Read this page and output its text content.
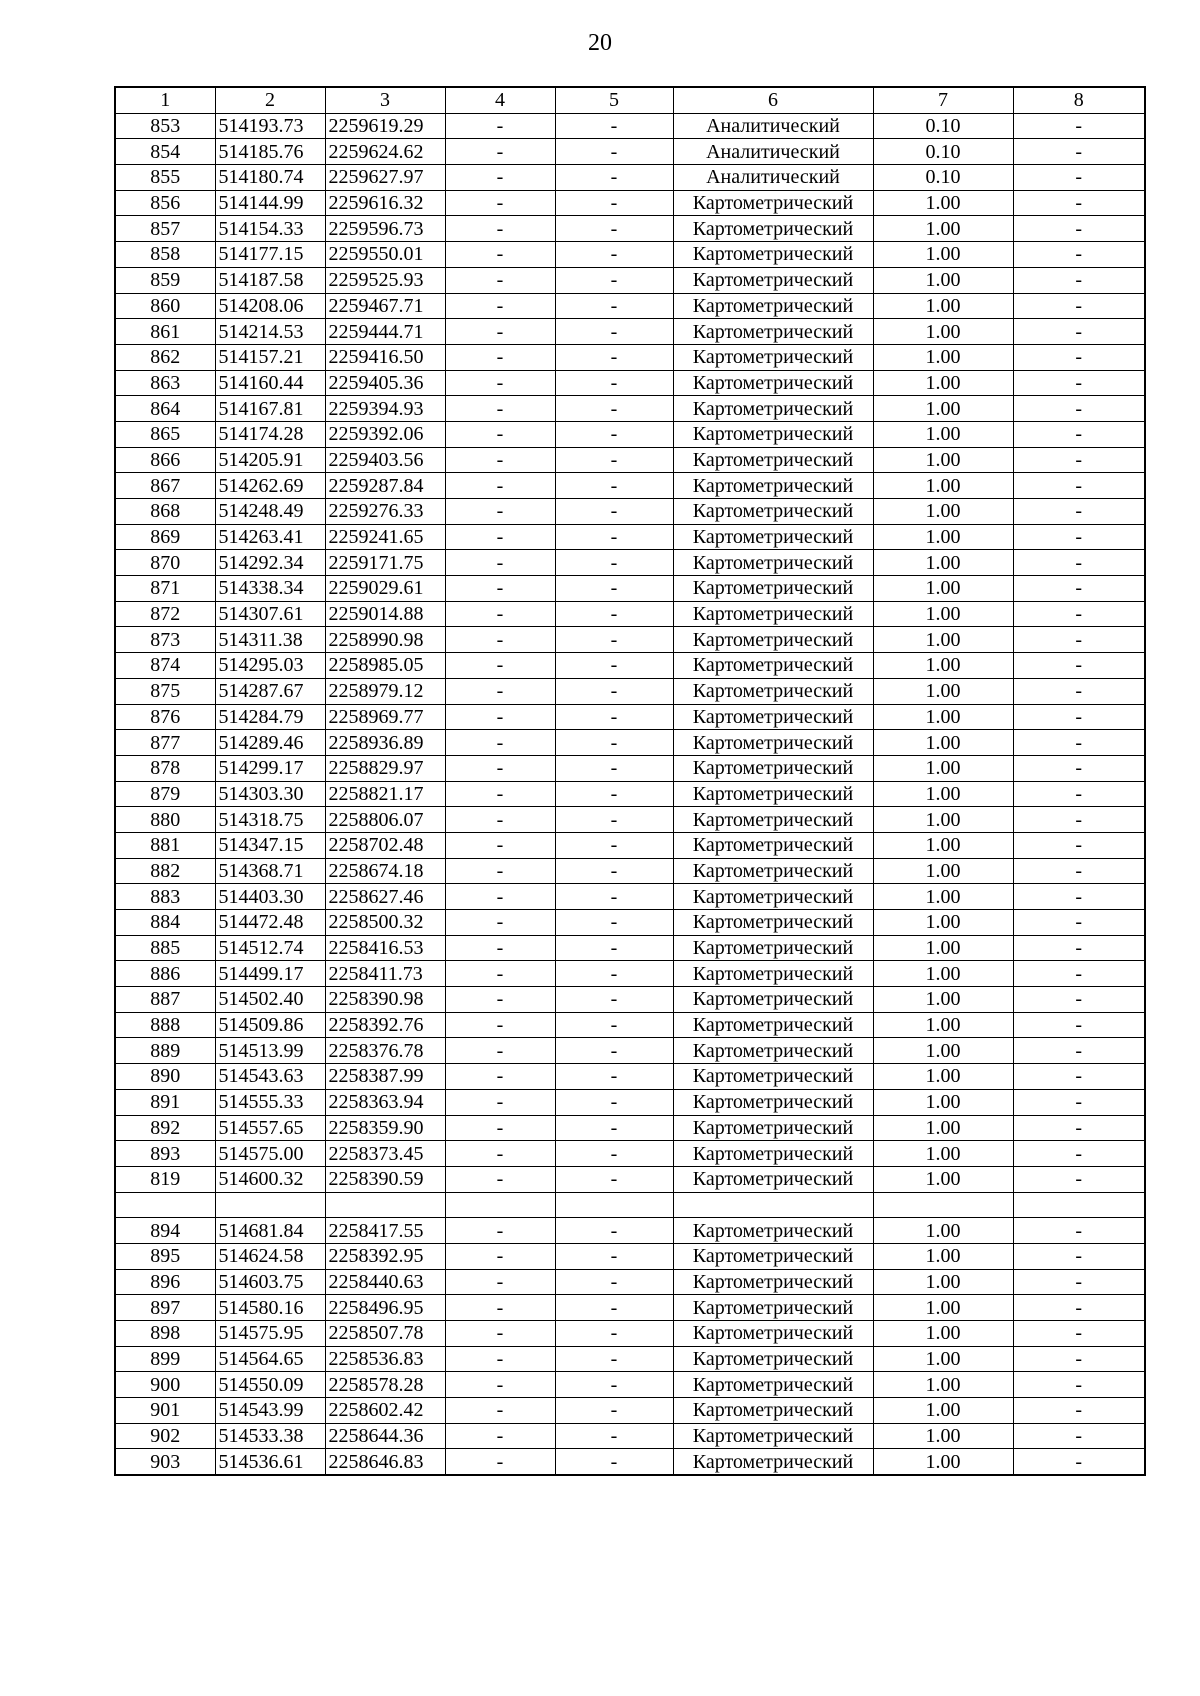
20
1	2	3	4	5	6	7	8
853	514193.73	2259619.29	-	-	Аналитический	0.10	-
854	514185.76	2259624.62	-	-	Аналитический	0.10	-
855	514180.74	2259627.97	-	-	Аналитический	0.10	-
856	514144.99	2259616.32	-	-	Картометрический	1.00	-
857	514154.33	2259596.73	-	-	Картометрический	1.00	-
858	514177.15	2259550.01	-	-	Картометрический	1.00	-
859	514187.58	2259525.93	-	-	Картометрический	1.00	-
860	514208.06	2259467.71	-	-	Картометрический	1.00	-
861	514214.53	2259444.71	-	-	Картометрический	1.00	-
862	514157.21	2259416.50	-	-	Картометрический	1.00	-
863	514160.44	2259405.36	-	-	Картометрический	1.00	-
864	514167.81	2259394.93	-	-	Картометрический	1.00	-
865	514174.28	2259392.06	-	-	Картометрический	1.00	-
866	514205.91	2259403.56	-	-	Картометрический	1.00	-
867	514262.69	2259287.84	-	-	Картометрический	1.00	-
868	514248.49	2259276.33	-	-	Картометрический	1.00	-
869	514263.41	2259241.65	-	-	Картометрический	1.00	-
870	514292.34	2259171.75	-	-	Картометрический	1.00	-
871	514338.34	2259029.61	-	-	Картометрический	1.00	-
872	514307.61	2259014.88	-	-	Картометрический	1.00	-
873	514311.38	2258990.98	-	-	Картометрический	1.00	-
874	514295.03	2258985.05	-	-	Картометрический	1.00	-
875	514287.67	2258979.12	-	-	Картометрический	1.00	-
876	514284.79	2258969.77	-	-	Картометрический	1.00	-
877	514289.46	2258936.89	-	-	Картометрический	1.00	-
878	514299.17	2258829.97	-	-	Картометрический	1.00	-
879	514303.30	2258821.17	-	-	Картометрический	1.00	-
880	514318.75	2258806.07	-	-	Картометрический	1.00	-
881	514347.15	2258702.48	-	-	Картометрический	1.00	-
882	514368.71	2258674.18	-	-	Картометрический	1.00	-
883	514403.30	2258627.46	-	-	Картометрический	1.00	-
884	514472.48	2258500.32	-	-	Картометрический	1.00	-
885	514512.74	2258416.53	-	-	Картометрический	1.00	-
886	514499.17	2258411.73	-	-	Картометрический	1.00	-
887	514502.40	2258390.98	-	-	Картометрический	1.00	-
888	514509.86	2258392.76	-	-	Картометрический	1.00	-
889	514513.99	2258376.78	-	-	Картометрический	1.00	-
890	514543.63	2258387.99	-	-	Картометрический	1.00	-
891	514555.33	2258363.94	-	-	Картометрический	1.00	-
892	514557.65	2258359.90	-	-	Картометрический	1.00	-
893	514575.00	2258373.45	-	-	Картометрический	1.00	-
819	514600.32	2258390.59	-	-	Картометрический	1.00	-

894	514681.84	2258417.55	-	-	Картометрический	1.00	-
895	514624.58	2258392.95	-	-	Картометрический	1.00	-
896	514603.75	2258440.63	-	-	Картометрический	1.00	-
897	514580.16	2258496.95	-	-	Картометрический	1.00	-
898	514575.95	2258507.78	-	-	Картометрический	1.00	-
899	514564.65	2258536.83	-	-	Картометрический	1.00	-
900	514550.09	2258578.28	-	-	Картометрический	1.00	-
901	514543.99	2258602.42	-	-	Картометрический	1.00	-
902	514533.38	2258644.36	-	-	Картометрический	1.00	-
903	514536.61	2258646.83	-	-	Картометрический	1.00	-
